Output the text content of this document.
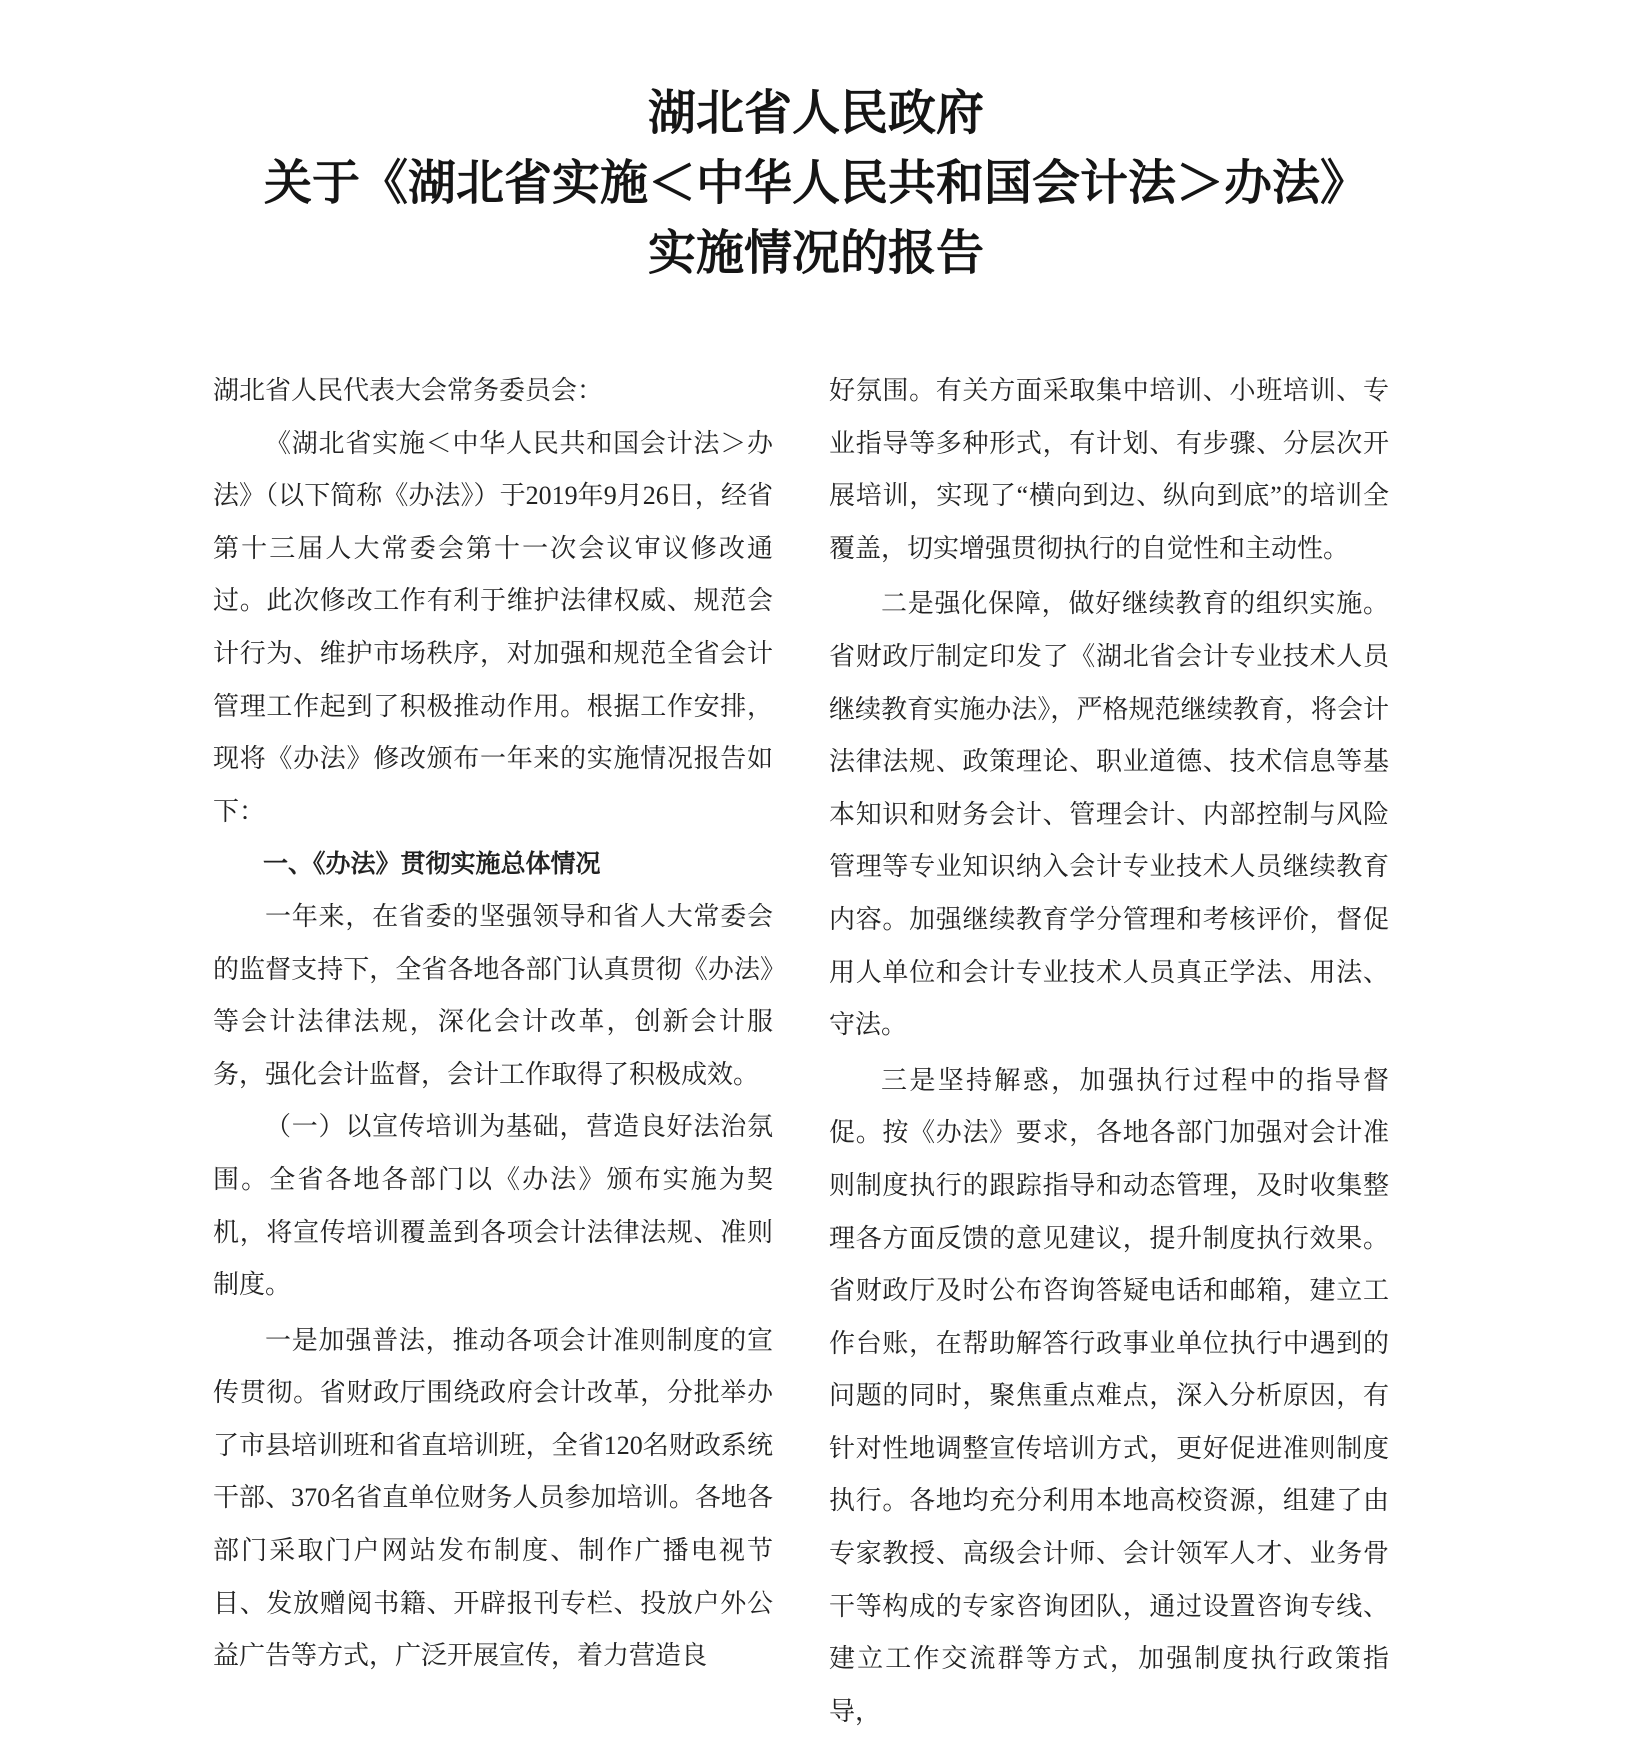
湖北省人民政府
关于《湖北省实施＜中华人民共和国会计法＞办法》
实施情况的报告

湖北省人民代表大会常务委员会：

《湖北省实施＜中华人民共和国会计法＞办法》（以下简称《办法》）于2019年9月26日，经省第十三届人大常委会第十一次会议审议修改通过。此次修改工作有利于维护法律权威、规范会计行为、维护市场秩序，对加强和规范全省会计管理工作起到了积极推动作用。根据工作安排，现将《办法》修改颁布一年来的实施情况报告如下：

一、《办法》贯彻实施总体情况

一年来，在省委的坚强领导和省人大常委会的监督支持下，全省各地各部门认真贯彻《办法》等会计法律法规，深化会计改革，创新会计服务，强化会计监督，会计工作取得了积极成效。

（一）以宣传培训为基础，营造良好法治氛围。全省各地各部门以《办法》颁布实施为契机，将宣传培训覆盖到各项会计法律法规、准则制度。

一是加强普法，推动各项会计准则制度的宣传贯彻。省财政厅围绕政府会计改革，分批举办了市县培训班和省直培训班，全省120名财政系统干部、370名省直单位财务人员参加培训。各地各部门采取门户网站发布制度、制作广播电视节目、发放赠阅书籍、开辟报刊专栏、投放户外公益广告等方式，广泛开展宣传，着力营造良

好氛围。有关方面采取集中培训、小班培训、专业指导等多种形式，有计划、有步骤、分层次开展培训，实现了“横向到边、纵向到底”的培训全覆盖，切实增强贯彻执行的自觉性和主动性。

二是强化保障，做好继续教育的组织实施。省财政厅制定印发了《湖北省会计专业技术人员继续教育实施办法》，严格规范继续教育，将会计法律法规、政策理论、职业道德、技术信息等基本知识和财务会计、管理会计、内部控制与风险管理等专业知识纳入会计专业技术人员继续教育内容。加强继续教育学分管理和考核评价，督促用人单位和会计专业技术人员真正学法、用法、守法。

三是坚持解惑，加强执行过程中的指导督促。按《办法》要求，各地各部门加强对会计准则制度执行的跟踪指导和动态管理，及时收集整理各方面反馈的意见建议，提升制度执行效果。省财政厅及时公布咨询答疑电话和邮箱，建立工作台账，在帮助解答行政事业单位执行中遇到的问题的同时，聚焦重点难点，深入分析原因，有针对性地调整宣传培训方式，更好促进准则制度执行。各地均充分利用本地高校资源，组建了由专家教授、高级会计师、会计领军人才、业务骨干等构成的专家咨询团队，通过设置咨询专线、建立工作交流群等方式，加强制度执行政策指导，
